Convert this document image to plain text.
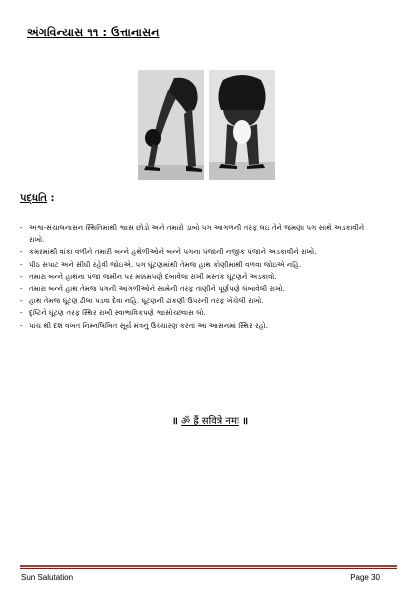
અંગવિન્યાસ ૧૧ : ઉત્તાનાસન
પદ્ધતિ :
- અશ્વ-સંચાલનાસન સ્થિતિમાંથી શ્વાસ છોડો અને તમારો ડાબો પગ આગળની તરફ લઇ તેને જમણા પગ સાથે અડકાવીને રાખો.
- કમરમાંથી વાંકા વળીને તમારી બન્ને હથેળીઓને બન્ને પગના પંજાની નજીક પંજાને અડકાવીને રાખો.
- પીઠ સપાટ અને સીધી રહેવી જોઇએ. પગ ઘૂંટણમાંથી તેમજ હાથ કોણીમાંથી વળવા જોઇએ નહિ.
- તમારા બન્ને હાથના પંજા જમીન પર મક્કમપણે દબાવેલા રાખી મસ્તક ઘૂંટણને અડકાવો.
- તમારા બન્ને હાથ તેમજ પગની આંગળીઓને સામેની તરફ તાણીને પૂર્ણપણે લંબાવેલી રાખો.
- હાથ તેમજ ઘૂંટણ ઢીલા પડવા દેવા નહિ. ઘૂંટણની ઢાંકણી ઉપરની તરફ ખેંચેલી રાખો.
- દૃષ્ટિને ઘૂંટણ તરફ સ્થિર રાખી સ્વાભાવિકપણે શ્વાસોચ્છ્વાસ લો.
- પાંચ થી દશ વખત નિમ્નલિખિત સૂર્ય મંત્રનું ઉચ્ચારણ કરતાં આ આસનમાં સ્થિર રહો.
॥ ॐ ह्रैं सवित्रे नमः ॥
Sun Salutation	Page 30
